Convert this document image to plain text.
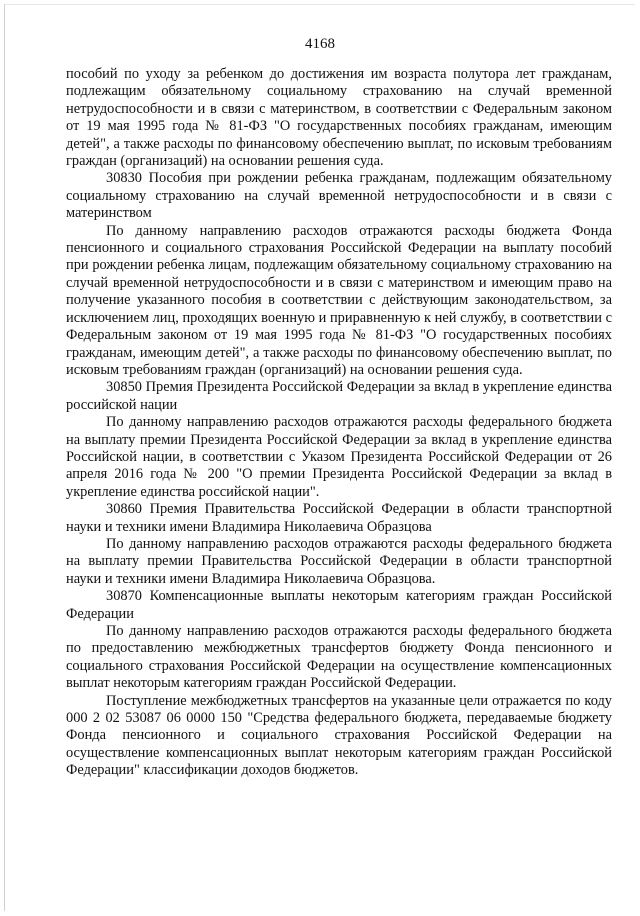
4168

пособий по уходу за ребенком до достижения им возраста полутора лет гражданам, подлежащим обязательному социальному страхованию на случай временной нетрудоспособности и в связи с материнством, в соответствии с Федеральным законом от 19 мая 1995 года № 81-ФЗ "О государственных пособиях гражданам, имеющим детей", а также расходы по финансовому обеспечению выплат, по исковым требованиям граждан (организаций) на основании решения суда.

30830 Пособия при рождении ребенка гражданам, подлежащим обязательному социальному страхованию на случай временной нетрудоспособности и в связи с материнством

По данному направлению расходов отражаются расходы бюджета Фонда пенсионного и социального страхования Российской Федерации на выплату пособий при рождении ребенка лицам, подлежащим обязательному социальному страхованию на случай временной нетрудоспособности и в связи с материнством и имеющим право на получение указанного пособия в соответствии с действующим законодательством, за исключением лиц, проходящих военную и приравненную к ней службу, в соответствии с Федеральным законом от 19 мая 1995 года № 81-ФЗ "О государственных пособиях гражданам, имеющим детей", а также расходы по финансовому обеспечению выплат, по исковым требованиям граждан (организаций) на основании решения суда.

30850 Премия Президента Российской Федерации за вклад в укрепление единства российской нации

По данному направлению расходов отражаются расходы федерального бюджета на выплату премии Президента Российской Федерации за вклад в укрепление единства Российской нации, в соответствии с Указом Президента Российской Федерации от 26 апреля 2016 года № 200 "О премии Президента Российской Федерации за вклад в укрепление единства российской нации".

30860 Премия Правительства Российской Федерации в области транспортной науки и техники имени Владимира Николаевича Образцова

По данному направлению расходов отражаются расходы федерального бюджета на выплату премии Правительства Российской Федерации в области транспортной науки и техники имени Владимира Николаевича Образцова.

30870 Компенсационные выплаты некоторым категориям граждан Российской Федерации

По данному направлению расходов отражаются расходы федерального бюджета по предоставлению межбюджетных трансфертов бюджету Фонда пенсионного и социального страхования Российской Федерации на осуществление компенсационных выплат некоторым категориям граждан Российской Федерации.

Поступление межбюджетных трансфертов на указанные цели отражается по коду 000 2 02 53087 06 0000 150 "Средства федерального бюджета, передаваемые бюджету Фонда пенсионного и социального страхования Российской Федерации на осуществление компенсационных выплат некоторым категориям граждан Российской Федерации" классификации доходов бюджетов.
